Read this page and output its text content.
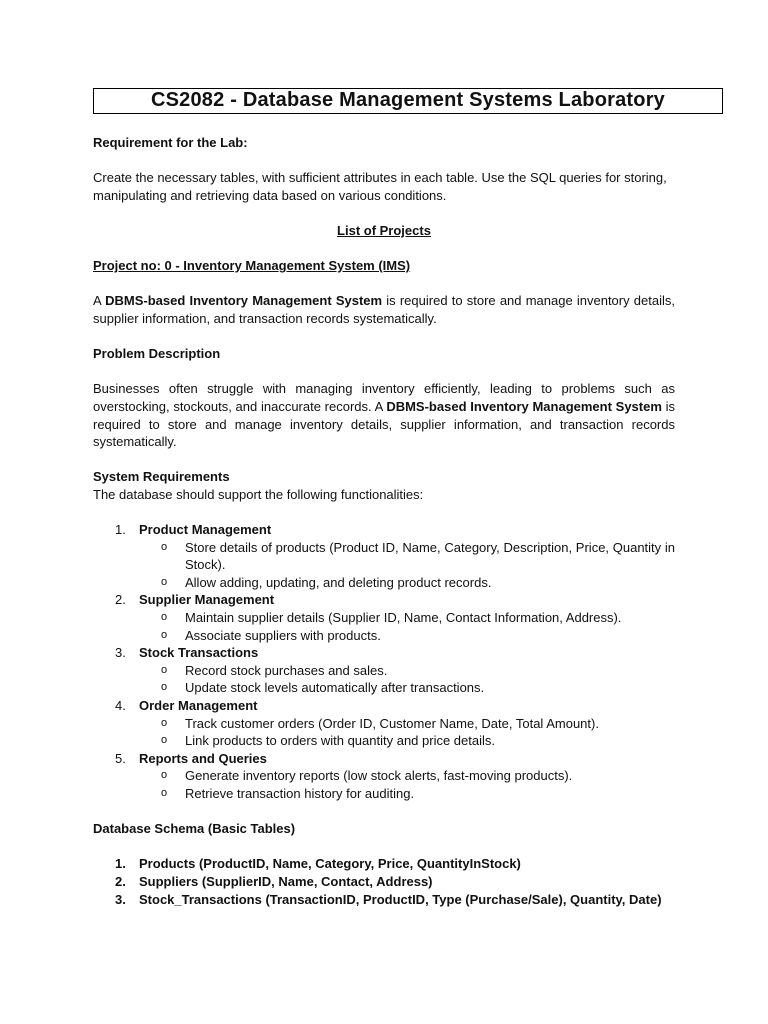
CS2082 - Database Management Systems Laboratory

Requirement for the Lab:

Create the necessary tables, with sufficient attributes in each table. Use the SQL queries for storing, manipulating and retrieving data based on various conditions.

List of Projects

Project no: 0 - Inventory Management System (IMS)

A DBMS-based Inventory Management System is required to store and manage inventory details, supplier information, and transaction records systematically.

Problem Description

Businesses often struggle with managing inventory efficiently, leading to problems such as overstocking, stockouts, and inaccurate records. A DBMS-based Inventory Management System is required to store and manage inventory details, supplier information, and transaction records systematically.

System Requirements

The database should support the following functionalities:

1.	Product Management
o Store details of products (Product ID, Name, Category, Description, Price, Quantity in Stock).
o Allow adding, updating, and deleting product records.
2.	Supplier Management
o Maintain supplier details (Supplier ID, Name, Contact Information, Address).
o Associate suppliers with products.
3.	Stock Transactions
o Record stock purchases and sales.
o Update stock levels automatically after transactions.
4.	Order Management
o Track customer orders (Order ID, Customer Name, Date, Total Amount).
o Link products to orders with quantity and price details.
5.	Reports and Queries
o Generate inventory reports (low stock alerts, fast-moving products).
o Retrieve transaction history for auditing.

Database Schema (Basic Tables)

1.	Products (ProductID, Name, Category, Price, QuantityInStock)
2.	Suppliers (SupplierID, Name, Contact, Address)
3.	Stock_Transactions (TransactionID, ProductID, Type (Purchase/Sale), Quantity, Date)
